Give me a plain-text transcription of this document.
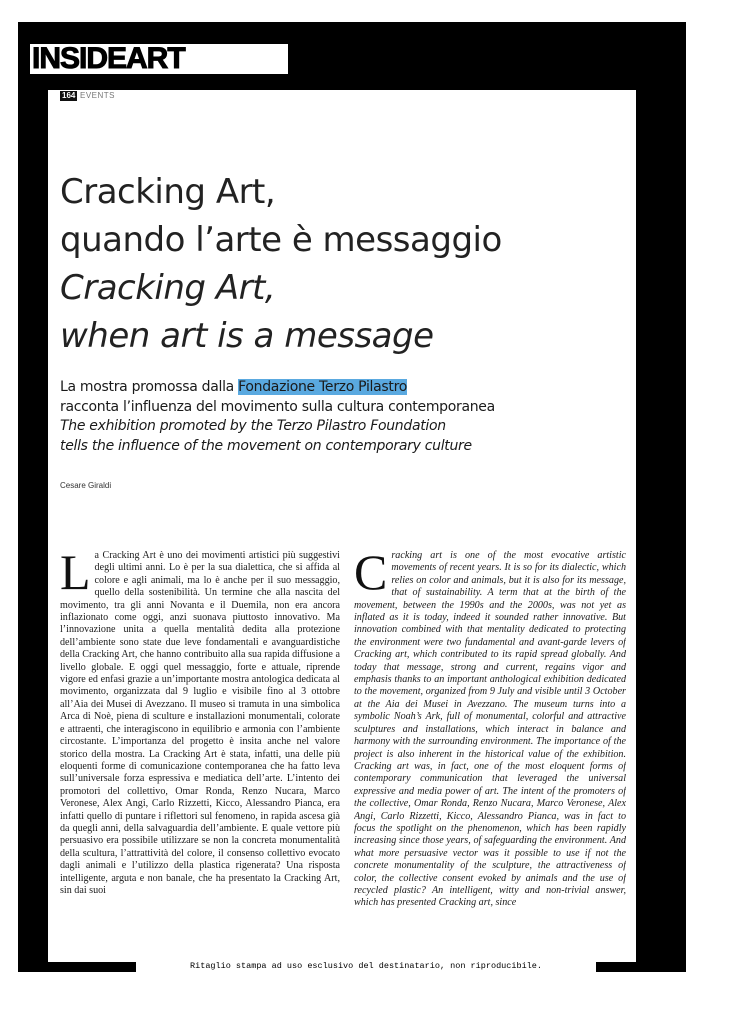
INSIDEART
164 EVENTS
Cracking Art,
quando l’arte è messaggio
Cracking Art,
when art is a message
La mostra promossa dalla Fondazione Terzo Pilastro
racconta l’influenza del movimento sulla cultura contemporanea
The exhibition promoted by the Terzo Pilastro Foundation
tells the influence of the movement on contemporary culture
Cesare Giraldi

La Cracking Art è uno dei movimenti artistici più suggestivi degli ultimi anni. Lo è per la sua dialettica, che si affida al colore e agli animali, ma lo è anche per il suo messaggio, quello della sostenibilità. Un termine che alla nascita del movimento, tra gli anni Novanta e il Duemila, non era ancora inflazionato come oggi, anzi suonava piuttosto innovativo. Ma l’innovazione unita a quella mentalità dedita alla protezione dell’ambiente sono state due leve fondamentali e avanguardistiche della Cracking Art, che hanno contribuito alla sua rapida diffusione a livello globale. E oggi quel messaggio, forte e attuale, riprende vigore ed enfasi grazie a un’importante mostra antologica dedicata al movimento, organizzata dal 9 luglio e visibile fino al 3 ottobre all’Aia dei Musei di Avezzano. Il museo si tramuta in una simbolica Arca di Noè, piena di sculture e installazioni monumentali, colorate e attraenti, che interagiscono in equilibrio e armonia con l’ambiente circostante. L’importanza del progetto è insita anche nel valore storico della mostra. La Cracking Art è stata, infatti, una delle più eloquenti forme di comunicazione contemporanea che ha fatto leva sull’universale forza espressiva e mediatica dell’arte. L’intento dei promotori del collettivo, Omar Ronda, Renzo Nucara, Marco Veronese, Alex Angi, Carlo Rizzetti, Kicco, Alessandro Pianca, era infatti quello di puntare i riflettori sul fenomeno, in rapida ascesa già da quegli anni, della salvaguardia dell’ambiente. E quale vettore più persuasivo era possibile utilizzare se non la concreta monumentalità della scultura, l’attrattività del colore, il consenso collettivo evocato dagli animali e l’utilizzo della plastica rigenerata? Una risposta intelligente, arguta e non banale, che ha presentato la Cracking Art, sin dai suoi

Cracking art is one of the most evocative artistic movements of recent years. It is so for its dialectic, which relies on color and animals, but it is also for its message, that of sustainability. A term that at the birth of the movement, between the 1990s and the 2000s, was not yet as inflated as it is today, indeed it sounded rather innovative. But innovation combined with that mentality dedicated to protecting the environment were two fundamental and avant-garde levers of Cracking art, which contributed to its rapid spread globally. And today that message, strong and current, regains vigor and emphasis thanks to an important anthological exhibition dedicated to the movement, organized from 9 July and visible until 3 October at the Aia dei Musei in Avezzano. The museum turns into a symbolic Noah’s Ark, full of monumental, colorful and attractive sculptures and installations, which interact in balance and harmony with the surrounding environment. The importance of the project is also inherent in the historical value of the exhibition. Cracking art was, in fact, one of the most eloquent forms of contemporary communication that leveraged the universal expressive and media power of art. The intent of the promoters of the collective, Omar Ronda, Renzo Nucara, Marco Veronese, Alex Angi, Carlo Rizzetti, Kicco, Alessandro Pianca, was in fact to focus the spotlight on the phenomenon, which has been rapidly increasing since those years, of safeguarding the environment. And what more persuasive vector was it possible to use if not the concrete monumentality of the sculpture, the attractiveness of color, the collective consent evoked by animals and the use of recycled plastic? An intelligent, witty and non-trivial answer, which has presented Cracking art, since

Ritaglio stampa ad uso esclusivo del destinatario, non riproducibile.
